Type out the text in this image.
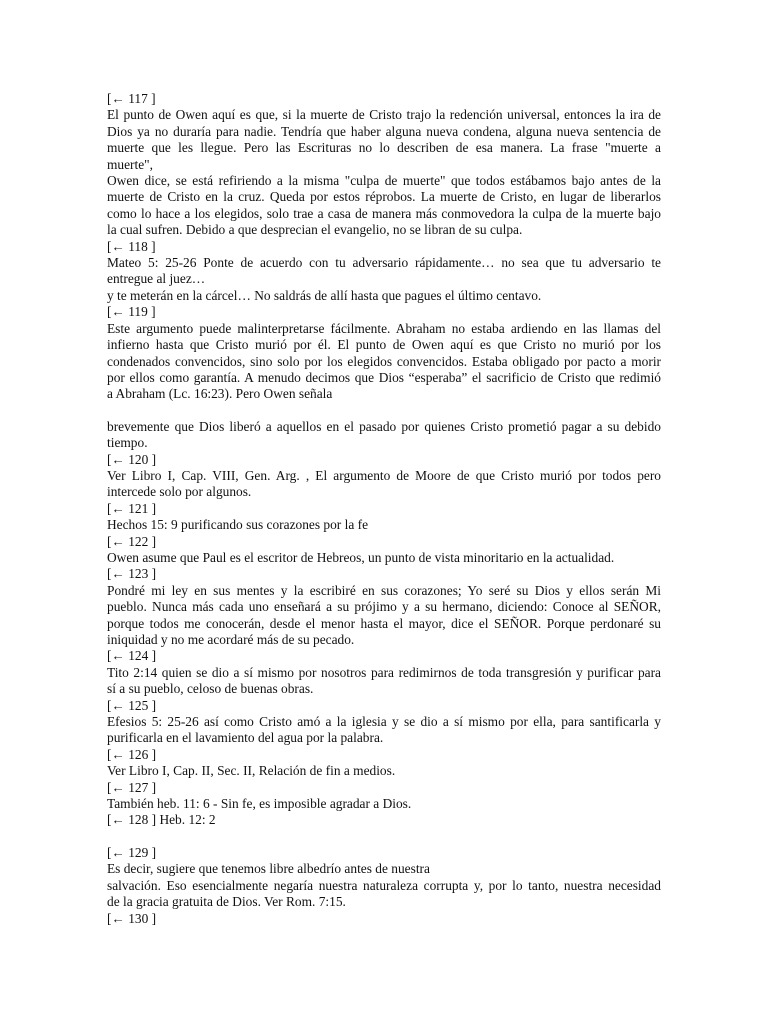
[← 117 ]
El punto de Owen aquí es que, si la muerte de Cristo trajo la redención universal, entonces la ira de
Dios ya no duraría para nadie. Tendría que haber alguna nueva condena, alguna nueva sentencia de
muerte que les llegue. Pero las Escrituras no lo describen de esa manera. La frase "muerte a
muerte",
Owen dice, se está refiriendo a la misma "culpa de muerte" que todos estábamos bajo antes de la
muerte de Cristo en la cruz. Queda por estos réprobos. La muerte de Cristo, en lugar de liberarlos
como lo hace a los elegidos, solo trae a casa de manera más conmovedora la culpa de la muerte bajo
la cual sufren. Debido a que desprecian el evangelio, no se libran de su culpa.
[← 118 ]
Mateo 5: 25-26 Ponte de acuerdo con tu adversario rápidamente… no sea que tu adversario te
entregue al juez…
y te meterán en la cárcel… No saldrás de allí hasta que pagues el último centavo.
[← 119 ]
Este argumento puede malinterpretarse fácilmente. Abraham no estaba ardiendo en las llamas del
infierno hasta que Cristo murió por él. El punto de Owen aquí es que Cristo no murió por los
condenados convencidos, sino solo por los elegidos convencidos. Estaba obligado por pacto a morir
por ellos como garantía. A menudo decimos que Dios “esperaba” el sacrificio de Cristo que redimió
a Abraham (Lc. 16:23). Pero Owen señala
brevemente que Dios liberó a aquellos en el pasado por quienes Cristo prometió pagar a su debido
tiempo.
[← 120 ]
Ver Libro I, Cap. VIII, Gen. Arg. , El argumento de Moore de que Cristo murió por todos pero
intercede solo por algunos.
[← 121 ]
Hechos 15: 9 purificando sus corazones por la fe
[← 122 ]
Owen asume que Paul es el escritor de Hebreos, un punto de vista minoritario en la actualidad.
[← 123 ]
Pondré mi ley en sus mentes y la escribiré en sus corazones; Yo seré su Dios y ellos serán Mi
pueblo. Nunca más cada uno enseñará a su prójimo y a su hermano, diciendo: Conoce al SEÑOR,
porque todos me conocerán, desde el menor hasta el mayor, dice el SEÑOR. Porque perdonaré su
iniquidad y no me acordaré más de su pecado.
[← 124 ]
Tito 2:14 quien se dio a sí mismo por nosotros para redimirnos de toda transgresión y purificar para
sí a su pueblo, celoso de buenas obras.
[← 125 ]
Efesios 5: 25-26 así como Cristo amó a la iglesia y se dio a sí mismo por ella, para santificarla y
purificarla en el lavamiento del agua por la palabra.
[← 126 ]
Ver Libro I, Cap. II, Sec. II, Relación de fin a medios.
[← 127 ]
También heb. 11: 6 - Sin fe, es imposible agradar a Dios.
[← 128 ] Heb. 12: 2
[← 129 ]
Es decir, sugiere que tenemos libre albedrío antes de nuestra
salvación. Eso esencialmente negaría nuestra naturaleza corrupta y, por lo tanto, nuestra necesidad
de la gracia gratuita de Dios. Ver Rom. 7:15.
[← 130 ]
